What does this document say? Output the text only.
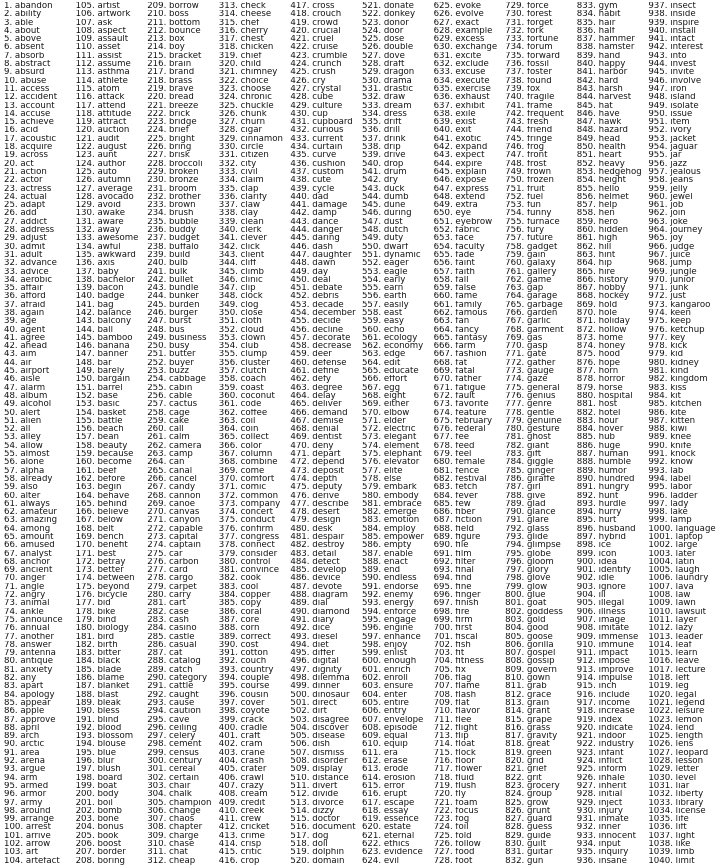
1. abandon
2. ability
3. able
4. about
5. above
6. absent
7. absorb
8. abstract
9. absurd
10. abuse
11. access
12. accident
13. account
14. accuse
15. achieve
16. acid
17. acoustic
18. acquire
19. across
20. act
21. action
22. actor
23. actress
24. actual
25. adapt
26. add
27. addict
28. address
29. adjust
30. admit
31. adult
32. advance
33. advice
34. aerobic
35. affair
36. afford
37. afraid
38. again
39. age
40. agent
41. agree
42. ahead
43. aim
44. air
45. airport
46. aisle
47. alarm
48. album
49. alcohol
50. alert
51. alien
52. all
53. alley
54. allow
55. almost
56. alone
57. alpha
58. already
59. also
60. alter
61. always
62. amateur
63. amazing
64. among
65. amount
66. amused
67. analyst
68. anchor
69. ancient
70. anger
71. angle
72. angry
73. animal
74. ankle
75. announce
76. annual
77. another
78. answer
79. antenna
80. antique
81. anxiety
82. any
83. apart
84. apology
85. appear
86. apple
87. approve
88. april
89. arch
90. arctic
91. area
92. arena
93. argue
94. arm
95. armed
96. armor
97. army
98. around
99. arrange
100. arrest
101. arrive
102. arrow
103. art
104. artefact
105. artist
106. artwork
107. ask
108. aspect
109. assault
110. asset
111. assist
112. assume
113. asthma
114. athlete
115. atom
116. attack
117. attend
118. attitude
119. attract
120. auction
121. audit
122. august
123. aunt
124. author
125. auto
126. autumn
127. average
128. avocado
129. avoid
130. awake
131. aware
132. away
133. awesome
134. awful
135. awkward
136. axis
137. baby
138. bachelor
139. bacon
140. badge
141. bag
142. balance
143. balcony
144. ball
145. bamboo
146. banana
147. banner
148. bar
149. barely
150. bargain
151. barrel
152. base
153. basic
154. basket
155. battle
156. beach
157. bean
158. beauty
159. because
160. become
161. beef
162. before
163. begin
164. behave
165. behind
166. believe
167. below
168. belt
169. bench
170. benefit
171. best
172. betray
173. better
174. between
175. beyond
176. bicycle
177. bid
178. bike
179. bind
180. biology
181. bird
182. birth
183. bitter
184. black
185. blade
186. blame
187. blanket
188. blast
189. bleak
190. bless
191. blind
192. blood
193. blossom
194. blouse
195. blue
196. blur
197. blush
198. board
199. boat
200. body
201. boil
202. bomb
203. bone
204. bonus
205. book
206. boost
207. border
208. boring
209. borrow
210. boss
211. bottom
212. bounce
213. box
214. boy
215. bracket
216. brain
217. brand
218. brass
219. brave
220. bread
221. breeze
222. brick
223. bridge
224. brief
225. bright
226. bring
227. brisk
228. broccoli
229. broken
230. bronze
231. broom
232. brother
233. brown
234. brush
235. bubble
236. buddy
237. budget
238. buffalo
239. build
240. bulb
241. bulk
242. bullet
243. bundle
244. bunker
245. burden
246. burger
247. burst
248. bus
249. business
250. busy
251. butter
252. buyer
253. buzz
254. cabbage
255. cabin
256. cable
257. cactus
258. cage
259. cake
260. call
261. calm
262. camera
263. camp
264. can
265. canal
266. cancel
267. candy
268. cannon
269. canoe
270. canvas
271. canyon
272. capable
273. capital
274. captain
275. car
276. carbon
277. card
278. cargo
279. carpet
280. carry
281. cart
282. case
283. cash
284. casino
285. castle
286. casual
287. cat
288. catalog
289. catch
290. category
291. cattle
292. caught
293. cause
294. caution
295. cave
296. ceiling
297. celery
298. cement
299. census
300. century
301. cereal
302. certain
303. chair
304. chalk
305. champion
306. change
307. chaos
308. chapter
309. charge
310. chase
311. chat
312. cheap
313. check
314. cheese
315. chef
316. cherry
317. chest
318. chicken
319. chief
320. child
321. chimney
322. choice
323. choose
324. chronic
325. chuckle
326. chunk
327. churn
328. cigar
329. cinnamon
330. circle
331. citizen
332. city
333. civil
334. claim
335. clap
336. clarify
337. claw
338. clay
339. clean
340. clerk
341. clever
342. click
343. client
344. cliff
345. climb
346. clinic
347. clip
348. clock
349. clog
350. close
351. cloth
352. cloud
353. clown
354. club
355. clump
356. cluster
357. clutch
358. coach
359. coast
360. coconut
361. code
362. coffee
363. coil
364. coin
365. collect
366. color
367. column
368. combine
369. come
370. comfort
371. comic
372. common
373. company
374. concert
375. conduct
376. confirm
377. congress
378. connect
379. consider
380. control
381. convince
382. cook
383. cool
384. copper
385. copy
386. coral
387. core
388. corn
389. correct
390. cost
391. cotton
392. couch
393. country
394. couple
395. course
396. cousin
397. cover
398. coyote
399. crack
400. cradle
401. craft
402. cram
403. crane
404. crash
405. crater
406. crawl
407. crazy
408. cream
409. credit
410. creek
411. crew
412. cricket
413. crime
414. crisp
415. critic
416. crop
417. cross
418. crouch
419. crowd
420. crucial
421. cruel
422. cruise
423. crumble
424. crunch
425. crush
426. cry
427. crystal
428. cube
429. culture
430. cup
431. cupboard
432. curious
433. current
434. curtain
435. curve
436. cushion
437. custom
438. cute
439. cycle
440. dad
441. damage
442. damp
443. dance
444. danger
445. daring
446. dash
447. daughter
448. dawn
449. day
450. deal
451. debate
452. debris
453. decade
454. december
455. decide
456. decline
457. decorate
458. decrease
459. deer
460. defense
461. define
462. defy
463. degree
464. delay
465. deliver
466. demand
467. demise
468. denial
469. dentist
470. deny
471. depart
472. depend
473. deposit
474. depth
475. deputy
476. derive
477. describe
478. desert
479. design
480. desk
481. despair
482. destroy
483. detail
484. detect
485. develop
486. device
487. devote
488. diagram
489. dial
490. diamond
491. diary
492. dice
493. diesel
494. diet
495. differ
496. digital
497. dignity
498. dilemma
499. dinner
500. dinosaur
501. direct
502. dirt
503. disagree
504. discover
505. disease
506. dish
507. dismiss
508. disorder
509. display
510. distance
511. divert
512. divide
513. divorce
514. dizzy
515. doctor
516. document
517. dog
518. doll
519. dolphin
520. domain
521. donate
522. donkey
523. donor
524. door
525. dose
526. double
527. dove
528. draft
529. dragon
530. drama
531. drastic
532. draw
533. dream
534. dress
535. drift
536. drill
537. drink
538. drip
539. drive
540. drop
541. drum
542. dry
543. duck
544. dumb
545. dune
546. during
547. dust
548. dutch
549. duty
550. dwarf
551. dynamic
552. eager
553. eagle
554. early
555. earn
556. earth
557. easily
558. east
559. easy
560. echo
561. ecology
562. economy
563. edge
564. edit
565. educate
566. effort
567. egg
568. eight
569. either
570. elbow
571. elder
572. electric
573. elegant
574. element
575. elephant
576. elevator
577. elite
578. else
579. embark
580. embody
581. embrace
582. emerge
583. emotion
584. employ
585. empower
586. empty
587. enable
588. enact
589. end
590. endless
591. endorse
592. enemy
593. energy
594. enforce
595. engage
596. engine
597. enhance
598. enjoy
599. enlist
600. enough
601. enrich
602. enroll
603. ensure
604. enter
605. entire
606. entry
607. envelope
608. episode
609. equal
610. equip
611. era
612. erase
613. erode
614. erosion
615. error
616. erupt
617. escape
618. essay
619. essence
620. estate
621. eternal
622. ethics
623. evidence
624. evil
625. evoke
626. evolve
627. exact
628. example
629. excess
630. exchange
631. excite
632. exclude
633. excuse
634. execute
635. exercise
636. exhaust
637. exhibit
638. exile
639. exist
640. exit
641. exotic
642. expand
643. expect
644. expire
645. explain
646. expose
647. express
648. extend
649. extra
650. eye
651. eyebrow
652. fabric
653. face
654. faculty
655. fade
656. faint
657. faith
658. fall
659. false
660. fame
661. family
662. famous
663. fan
664. fancy
665. fantasy
666. farm
667. fashion
668. fat
669. fatal
670. father
671. fatigue
672. fault
673. favorite
674. feature
675. february
676. federal
677. fee
678. feed
679. feel
680. female
681. fence
682. festival
683. fetch
684. fever
685. few
686. fiber
687. fiction
688. field
689. figure
690. file
691. film
692. filter
693. final
694. find
695. fine
696. finger
697. finish
698. fire
699. firm
700. first
701. fiscal
702. fish
703. fit
704. fitness
705. fix
706. flag
707. flame
708. flash
709. flat
710. flavor
711. flee
712. flight
713. flip
714. float
715. flock
716. floor
717. flower
718. fluid
719. flush
720. fly
721. foam
722. focus
723. fog
724. foil
725. fold
726. follow
727. food
728. foot
729. force
730. forest
731. forget
732. fork
733. fortune
734. forum
735. forward
736. fossil
737. foster
738. found
739. fox
740. fragile
741. frame
742. frequent
743. fresh
744. friend
745. fringe
746. frog
747. front
748. frost
749. frown
750. frozen
751. fruit
752. fuel
753. fun
754. funny
755. furnace
756. fury
757. future
758. gadget
759. gain
760. galaxy
761. gallery
762. game
763. gap
764. garage
765. garbage
766. garden
767. garlic
768. garment
769. gas
770. gasp
771. gate
772. gather
773. gauge
774. gaze
775. general
776. genius
777. genre
778. gentle
779. genuine
780. gesture
781. ghost
782. giant
783. gift
784. giggle
785. ginger
786. giraffe
787. girl
788. give
789. glad
790. glance
791. glare
792. glass
793. glide
794. glimpse
795. globe
796. gloom
797. glory
798. glove
799. glow
800. glue
801. goat
802. goddess
803. gold
804. good
805. goose
806. gorilla
807. gospel
808. gossip
809. govern
810. gown
811. grab
812. grace
813. grain
814. grant
815. grape
816. grass
817. gravity
818. great
819. green
820. grid
821. grief
822. grit
823. grocery
824. group
825. grow
826. grunt
827. guard
828. guess
829. guide
830. guilt
831. guitar
832. gun
833. gym
834. habit
835. hair
836. half
837. hammer
838. hamster
839. hand
840. happy
841. harbor
842. hard
843. harsh
844. harvest
845. hat
846. have
847. hawk
848. hazard
849. head
850. health
851. heart
852. heavy
853. hedgehog
854. height
855. hello
856. helmet
857. help
858. hen
859. hero
860. hidden
861. high
862. hill
863. hint
864. hip
865. hire
866. history
867. hobby
868. hockey
869. hold
870. hole
871. holiday
872. hollow
873. home
874. honey
875. hood
876. hope
877. horn
878. horror
879. horse
880. hospital
881. host
882. hotel
883. hour
884. hover
885. hub
886. huge
887. human
888. humble
889. humor
890. hundred
891. hungry
892. hunt
893. hurdle
894. hurry
895. hurt
896. husband
897. hybrid
898. ice
899. icon
900. idea
901. identify
902. idle
903. ignore
904. ill
905. illegal
906. illness
907. image
908. imitate
909. immense
910. immune
911. impact
912. impose
913. improve
914. impulse
915. inch
916. include
917. income
918. increase
919. index
920. indicate
921. indoor
922. industry
923. infant
924. inflict
925. inform
926. inhale
927. inherit
928. initial
929. inject
930. injury
931. inmate
932. inner
933. innocent
934. input
935. inquiry
936. insane
937. insect
938. inside
939. inspire
940. install
941. intact
942. interest
943. into
944. invest
945. invite
946. involve
947. iron
948. island
949. isolate
950. issue
951. item
952. ivory
953. jacket
954. jaguar
955. jar
956. jazz
957. jealous
958. jeans
959. jelly
960. jewel
961. job
962. join
963. joke
964. journey
965. joy
966. judge
967. juice
968. jump
969. jungle
970. junior
971. junk
972. just
973. kangaroo
974. keen
975. keep
976. ketchup
977. key
978. kick
979. kid
980. kidney
981. kind
982. kingdom
983. kiss
984. kit
985. kitchen
986. kite
987. kitten
988. kiwi
989. knee
990. knife
991. knock
992. know
993. lab
994. label
995. labor
996. ladder
997. lady
998. lake
999. lamp
1000. language
1001. laptop
1002. large
1003. later
1004. latin
1005. laugh
1006. laundry
1007. lava
1008. law
1009. lawn
1010. lawsuit
1011. layer
1012. lazy
1013. leader
1014. leaf
1015. learn
1016. leave
1017. lecture
1018. left
1019. leg
1020. legal
1021. legend
1022. leisure
1023. lemon
1024. lend
1025. length
1026. lens
1027. leopard
1028. lesson
1029. letter
1030. level
1031. liar
1032. liberty
1033. library
1034. license
1035. life
1036. lift
1037. light
1038. like
1039. limb
1040. limit
